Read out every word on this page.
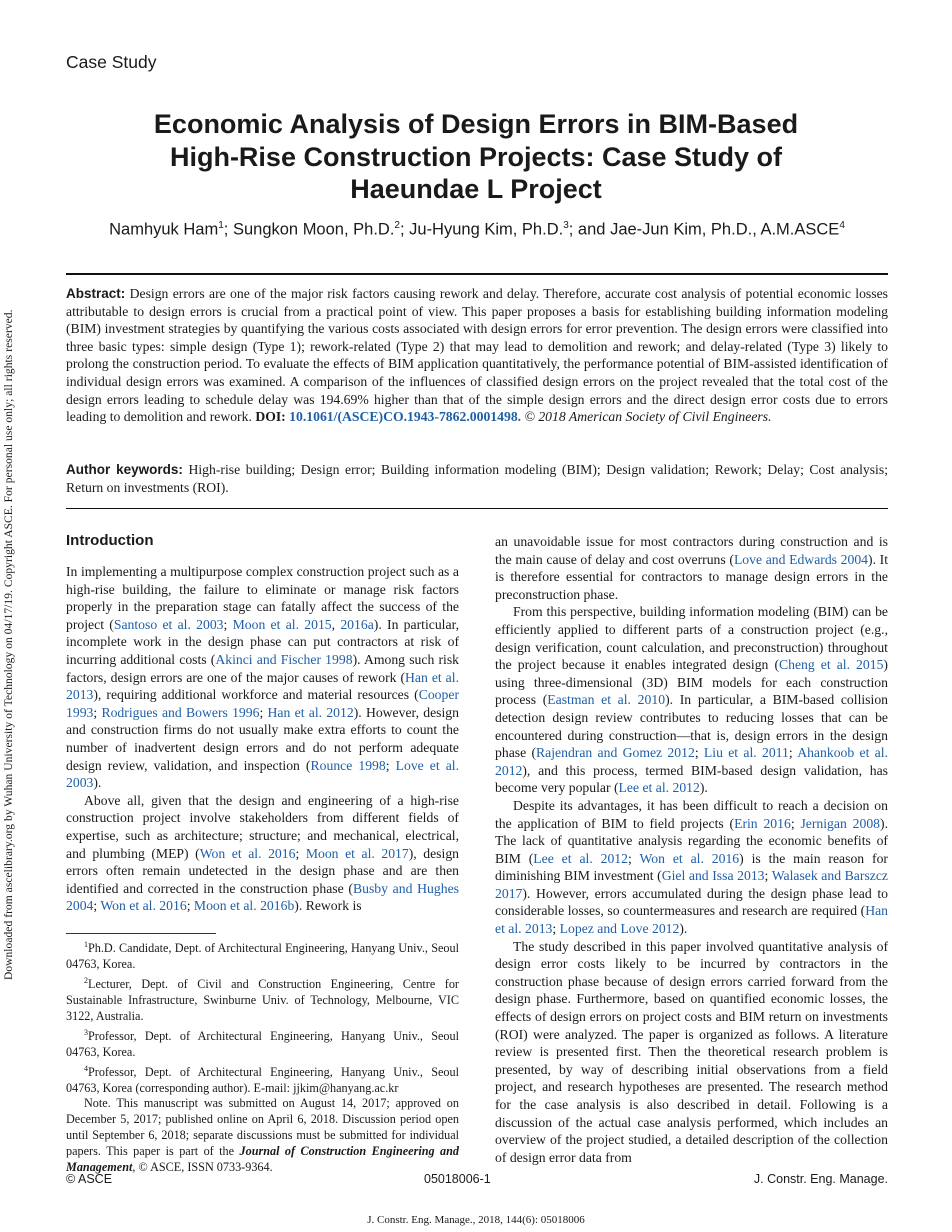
Downloaded from ascelibrary.org by Wuhan University of Technology on 04/17/19. Copyright ASCE. For personal use only; all rights reserved.
Case Study
Economic Analysis of Design Errors in BIM-Based High-Rise Construction Projects: Case Study of Haeundae L Project
Namhyuk Ham$^1$; Sungkon Moon, Ph.D.$^2$; Ju-Hyung Kim, Ph.D.$^3$; and Jae-Jun Kim, Ph.D., A.M.ASCE$^4$
Abstract: Design errors are one of the major risk factors causing rework and delay. Therefore, accurate cost analysis of potential economic losses attributable to design errors is crucial from a practical point of view. This paper proposes a basis for establishing building information modeling (BIM) investment strategies by quantifying the various costs associated with design errors for error prevention. The design errors were classified into three basic types: simple design (Type 1); rework-related (Type 2) that may lead to demolition and rework; and delay-related (Type 3) likely to prolong the construction period. To evaluate the effects of BIM application quantitatively, the performance potential of BIM-assisted identification of individual design errors was examined. A comparison of the influences of classified design errors on the project revealed that the total cost of the design errors leading to schedule delay was 194.69% higher than that of the simple design errors and the direct design error costs due to errors leading to demolition and rework. DOI: 10.1061/(ASCE)CO.1943-7862.0001498. © 2018 American Society of Civil Engineers.
Author keywords: High-rise building; Design error; Building information modeling (BIM); Design validation; Rework; Delay; Cost analysis; Return on investments (ROI).
Introduction

In implementing a multipurpose complex construction project such as a high-rise building, the failure to eliminate or manage risk factors properly in the preparation stage can fatally affect the success of the project (Santoso et al. 2003; Moon et al. 2015, 2016a). In particular, incomplete work in the design phase can put contractors at risk of incurring additional costs (Akinci and Fischer 1998). Among such risk factors, design errors are one of the major causes of rework (Han et al. 2013), requiring additional workforce and material resources (Cooper 1993; Rodrigues and Bowers 1996; Han et al. 2012). However, design and construction firms do not usually make extra efforts to count the number of inadvertent design errors and do not perform adequate design review, validation, and inspection (Rounce 1998; Love et al. 2003).

Above all, given that the design and engineering of a high-rise construction project involve stakeholders from different fields of expertise, such as architecture; structure; and mechanical, electrical, and plumbing (MEP) (Won et al. 2016; Moon et al. 2017), design errors often remain undetected in the design phase and are then identified and corrected in the construction phase (Busby and Hughes 2004; Won et al. 2016; Moon et al. 2016b). Rework is

an unavoidable issue for most contractors during construction and is the main cause of delay and cost overruns (Love and Edwards 2004). It is therefore essential for contractors to manage design errors in the preconstruction phase.

From this perspective, building information modeling (BIM) can be efficiently applied to different parts of a construction project (e.g., design verification, count calculation, and preconstruction) throughout the project because it enables integrated design (Cheng et al. 2015) using three-dimensional (3D) BIM models for each construction process (Eastman et al. 2010). In particular, a BIM-based collision detection design review contributes to reducing losses that can be encountered during construction—that is, design errors in the design phase (Rajendran and Gomez 2012; Liu et al. 2011; Ahankoob et al. 2012), and this process, termed BIM-based design validation, has become very popular (Lee et al. 2012).

Despite its advantages, it has been difficult to reach a decision on the application of BIM to field projects (Erin 2016; Jernigan 2008). The lack of quantitative analysis regarding the economic benefits of BIM (Lee et al. 2012; Won et al. 2016) is the main reason for diminishing BIM investment (Giel and Issa 2013; Walasek and Barszcz 2017). However, errors accumulated during the design phase lead to considerable losses, so countermeasures and research are required (Han et al. 2013; Lopez and Love 2012).

The study described in this paper involved quantitative analysis of design error costs likely to be incurred by contractors in the construction phase because of design errors carried forward from the design phase. Furthermore, based on quantified economic losses, the effects of design errors on project costs and BIM return on investments (ROI) were analyzed. The paper is organized as follows. A literature review is presented first. Then the theoretical research problem is presented, by way of describing initial observations from a field project, and research hypotheses are presented. The research method for the case analysis is also described in detail. Following is a discussion of the actual case analysis performed, which includes an overview of the project studied, a detailed description of the collection of design error data from

$^1$Ph.D. Candidate, Dept. of Architectural Engineering, Hanyang Univ., Seoul 04763, Korea.

$^2$Lecturer, Dept. of Civil and Construction Engineering, Centre for Sustainable Infrastructure, Swinburne Univ. of Technology, Melbourne, VIC 3122, Australia.

$^3$Professor, Dept. of Architectural Engineering, Hanyang Univ., Seoul 04763, Korea.

$^4$Professor, Dept. of Architectural Engineering, Hanyang Univ., Seoul 04763, Korea (corresponding author). E-mail: jjkim@hanyang.ac.kr

Note. This manuscript was submitted on August 14, 2017; approved on December 5, 2017; published online on April 6, 2018. Discussion period open until September 6, 2018; separate discussions must be submitted for individual papers. This paper is part of the Journal of Construction Engineering and Management, © ASCE, ISSN 0733-9364.

© ASCE	05018006-1	J. Constr. Eng. Manage.
J. Constr. Eng. Manage., 2018, 144(6): 05018006
